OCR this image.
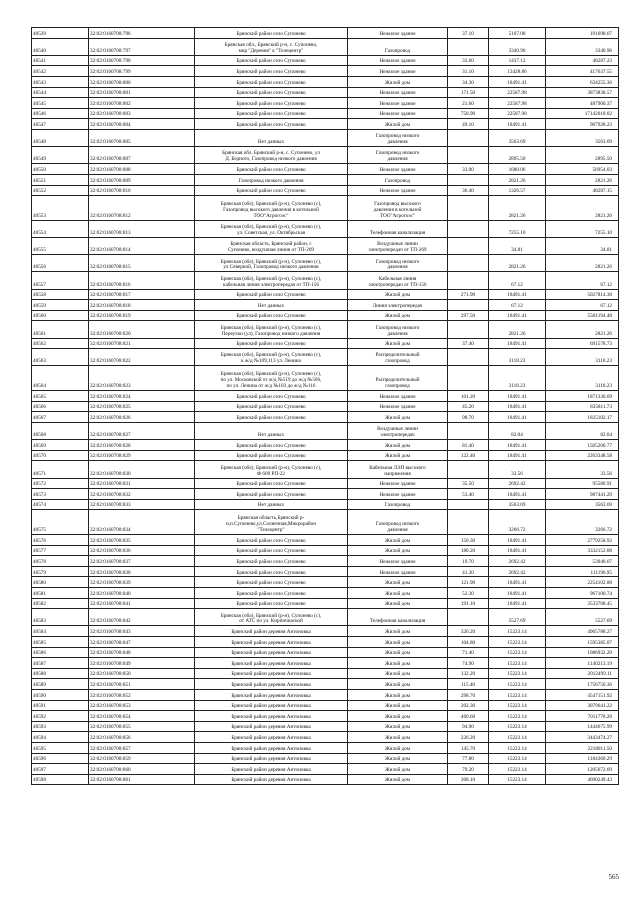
40539	32:02:0160708:796	Брянский район село Супонево	Нежилое здание	37.10	5167.08	191698.67
40540	32:02:0160708:797	Брянская обл., Брянский р-н, с. Супонево,
мкр "Деревня" к "Телецентр"	Газопровод		3340.96	3340.96
40541	32:02:0160708:798	Брянский район село Супонево	Нежилое здание	33.60	1437.12	48287.23
40542	32:02:0160708:799	Брянский район село Супонево	Нежилое здание	31.10	13428.86	417637.55
40543	32:02:0160708:800	Брянский район село Супонево	Жилой дом	34.30	18491.41	634255.36
40544	32:02:0160708:801	Брянский район село Супонево	Нежилое здание	171.50	22587.98	3873838.57
40545	32:02:0160708:802	Брянский район село Супонево	Нежилое здание	21.60	22587.98	487900.37
40546	32:02:0160708:803	Брянский район село Супонево	Нежилое здание	758.90	22587.98	17142018.02
40547	32:02:0160708:804	Брянский район село Супонево	Жилой дом	49.10	18491.41	907928.23
40548	32:02:0160708:805	Нет данных	Газопровод низкого
давления		3563.69	3563.69
40549	32:02:0160708:807	Брянская обл, Брянский р-н, с. Супонево, ул
Д. Бедного, Газопровод низкого давления	Газопровод низкого
давления		2895.50	2895.50
40550	32:02:0160708:808	Брянский район село Супонево	Нежилое здание	33.90	1680.06	56954.03
40551	32:02:0160708:809	Газопровод низкого давления	Газопровод		2821.26	2821.26
40552	32:02:0160708:810	Брянский район село Супонево	Нежилое здание	36.40	1326.57	48287.15
40553	32:02:0160708:812	Брянская (обл), Брянский (р-н), Супонево (с),
Газопровод высокого давления в котельной
ТОО"Агрогоэс"	Газопровод высокого
давления в котельной
ТОО"Агрогоэс"		2821.26	2821.26
40554	32:02:0160708:813	Брянская (обл), Брянский (р-н), Супонево (с),
ул. Советская, ул. Октябрьская	Телефонная канализация		7255.10	7255.10
40555	32:02:0160708:814	Брянская область, Брянский район, с
Супонево, воздушная линия от ТП-269	Воздушные линии
электропередач от ТП-269		34.81	34.81
40556	32:02:0160708:815	Брянская (обл), Брянский (р-н), Супонево (с),
ул Северной, Газопровод низкого давления	Газопровод низкого
давления		2821.26	2821.26
40557	32:02:0160708:816	Брянская (обл), Брянский (р-н), Супонево (с),
кабельная линия электропередач от ТП-156	Кабельная линия
электропередач от ТП-156		67.12	67.12
40558	32:02:0160708:817	Брянский район село Супонево	Жилой дом	271.90	18491.41	5027814.38
40559	32:02:0160708:818	Нет данных	Линия электропередач		67.12	67.12
40560	32:02:0160708:819	Брянский район село Супонево	Жилой дом	297.50	18491.41	5501194.48
40561	32:02:0160708:820	Брянская (обл), Брянский (р-н), Супонево (с),
Переулки (ул), Газопровод низкого давления	Газопровод низкого
давления		2821.26	2821.26
40562	32:02:0160708:821	Брянский район село Супонево	Жилой дом	37.40	18491.41	691578.73
40563	32:02:0160708:822	Брянская (обл), Брянский (р-н), Супонево (с),
к ж/д №109,113 ул. Ленина	Распределительный
газопровод		3118.23	3118.23
40564	32:02:0160708:823	Брянская (обл), Брянский (р-н), Супонево (с),
по ул. Московской от ж/д №519 до ж/д №566,
по ул. Ленина от ж/д №103 до ж/д №116	Распределительный
газопровод		3118.23	3118.23
40565	32:02:0160708:824	Брянский район село Супонево	Нежилое здание	101.20	18491.41	1871330.69
40566	32:02:0160708:825	Брянский район село Супонево	Нежилое здание	45.20	18491.41	835811.73
40567	32:02:0160708:826	Брянский район село Супонево	Жилой дом	98.70	18491.41	1825102.17
40568	32:02:0160708:827	Нет данных	Воздушные линии
электропередач		82.04	82.04
40569	32:02:0160708:828	Брянский район село Супонево	Жилой дом	81.40	18491.41	1505200.77
40570	32:02:0160708:829	Брянский район село Супонево	Жилой дом	122.40	18491.41	2263348.58
40571	32:02:0160708:830	Брянская (обл), Брянский (р-н), Супонево (с),
Ф 609 РП-22	Кабельная ЛЭП высокого
напряжения		33.56	33.56
40572	32:02:0160708:831	Брянский район село Супонево	Нежилое здание	35.50	2692.42	95580.91
40573	32:02:0160708:832	Брянский район село Супонево	Нежилое здание	53.40	18491.41	987441.29
40574	32:02:0160708:833	Нет данных	Газопровод		3563.69	3563.69
40575	32:02:0160708:834	Брянская область,Брянский р-
н,п.Супонево,ул.Солнечная,Микрорайон
"Телецентр"	Газопровод низкого
давления		3266.72	3266.72
40576	32:02:0160708:835	Брянский район село Супонево	Жилой дом	150.30	18491.41	2779258.92
40577	32:02:0160708:836	Брянский район село Супонево	Жилой дом	180.20	18491.41	3332152.08
40578	32:02:0160708:837	Брянский район село Супонево	Нежилое здание	19.70	2692.42	53040.67
40579	32:02:0160708:838	Брянский район село Супонево	Нежилое здание	41.30	2692.42	111196.95
40580	32:02:0160708:839	Брянский район село Супонево	Жилой дом	121.90	18491.41	2254102.88
40581	32:02:0160708:840	Брянский район село Супонево	Жилой дом	52.30	18491.41	967100.74
40582	32:02:0160708:841	Брянский район село Супонево	Жилой дом	191.10	18491.41	3533708.45
40583	32:02:0160708:842	Брянская (обл), Брянский (р-н), Супонево (с),
от АТС по ул. Кирпичнаской	Телефонная канализация		5527.69	5527.69
40584	32:02:0160708:843	Брянский район деревня Антоновка	Жилой дом	326.20	15223.14	4965788.27
40585	32:02:0160708:847	Брянский район деревня Антоновка	Жилой дом	104.80	15223.14	1595385.07
40586	32:02:0160708:848	Брянский район деревня Антоновка	Жилой дом	71.40	15223.14	1086932.20
40587	32:02:0160708:849	Брянский район деревня Антоновка	Жилой дом	74.90	15223.14	1140213.19
40588	32:02:0160708:850	Брянский район деревня Антоновка	Жилой дом	132.20	15223.14	2012499.11
40589	32:02:0160708:851	Брянский район деревня Антоновка	Жилой дом	115.40	15223.14	1756750.36
40590	32:02:0160708:852	Брянский район деревня Антоновка	Жилой дом	298.70	15223.14	4547151.92
40591	32:02:0160708:853	Брянский район деревня Антоновка	Жилой дом	202.30	15223.14	3079641.22
40592	32:02:0160708:854	Брянский район деревня Антоновка	Жилой дом	460.60	15223.14	7011778.28
40593	32:02:0160708:855	Брянский район деревня Антоновка	Жилой дом	94.90	15223.14	1444675.99
40594	32:02:0160708:856	Брянский район деревня Антоновка	Жилой дом	226.20	15223.14	3443474.27
40595	32:02:0160708:857	Брянский район деревня Антоновка	Жилой дом	145.70	15223.14	2218011.50
40596	32:02:0160708:859	Брянский район деревня Антоновка	Жилой дом	77.80	15223.14	1184360.29
40597	32:02:0160708:860	Брянский район деревня Антоновка	Жилой дом	79.20	15223.14	1205672.69
40598	32:02:0160708:861	Брянский район деревня Антоновка	Жилой дом	308.10	15223.14	4690249.43
565
